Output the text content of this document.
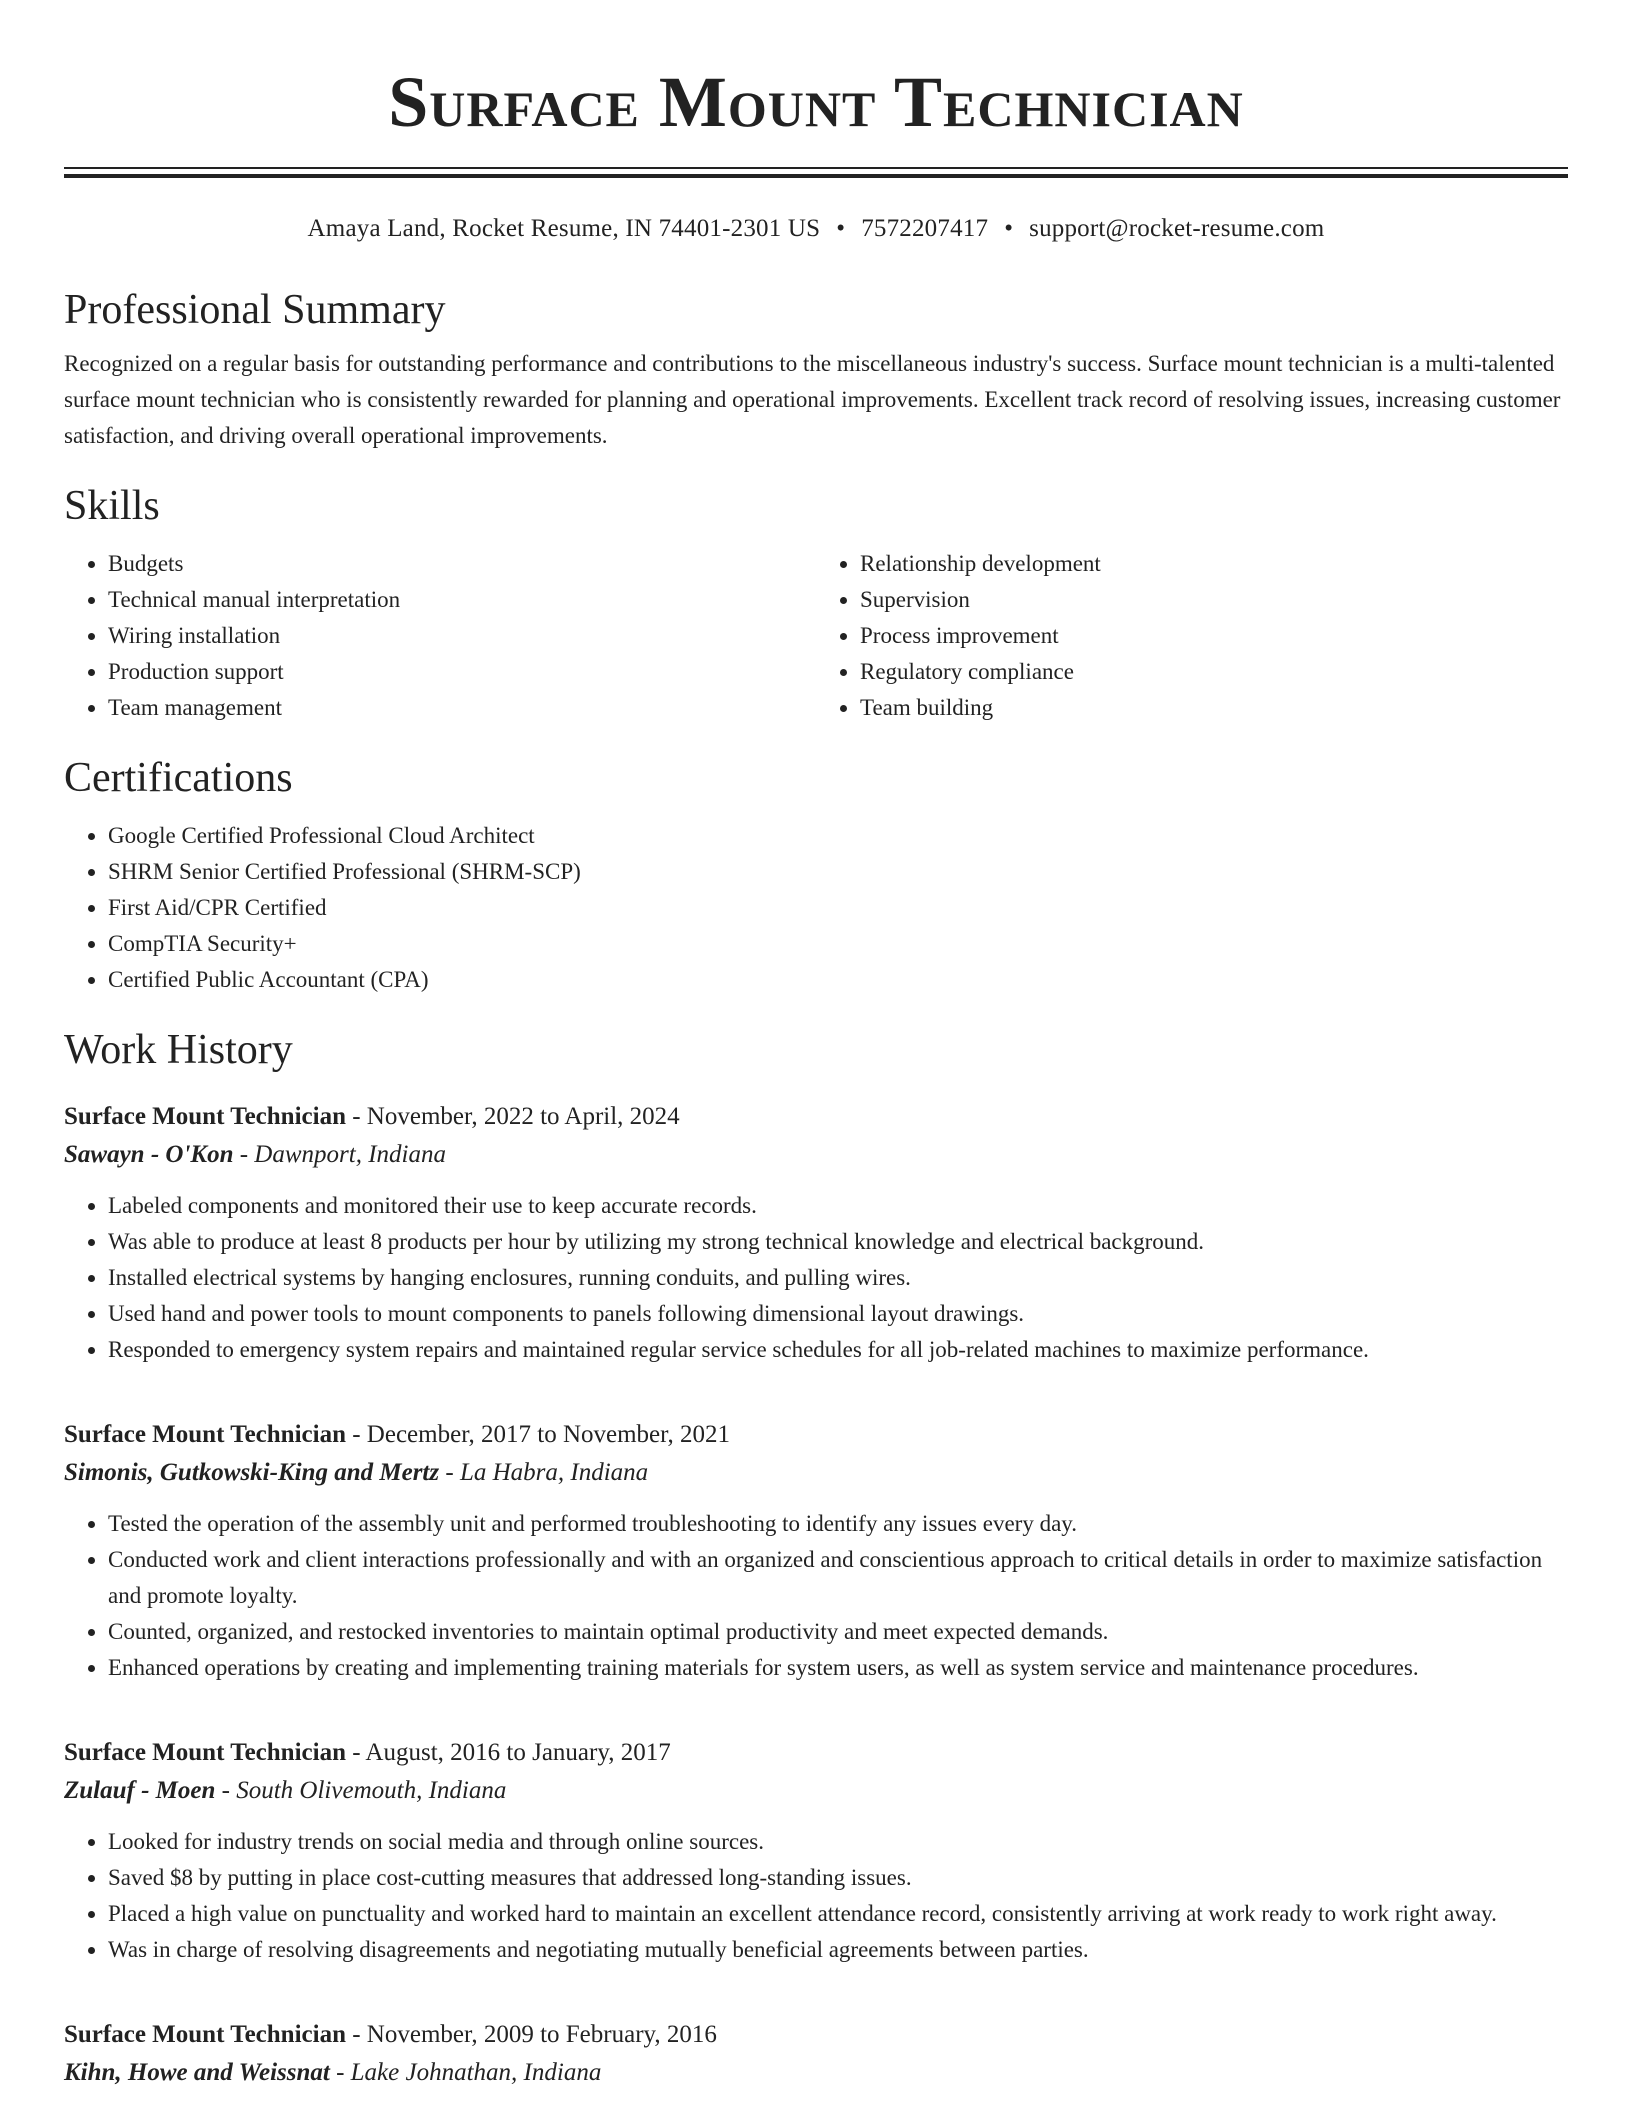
Surface Mount Technician
Amaya Land, Rocket Resume, IN 74401-2301 US • 7572207417 • support@rocket-resume.com
Professional Summary
Recognized on a regular basis for outstanding performance and contributions to the miscellaneous industry's success. Surface mount technician is a multi-talented surface mount technician who is consistently rewarded for planning and operational improvements. Excellent track record of resolving issues, increasing customer satisfaction, and driving overall operational improvements.
Skills
• Budgets
• Technical manual interpretation
• Wiring installation
• Production support
• Team management
• Relationship development
• Supervision
• Process improvement
• Regulatory compliance
• Team building
Certifications
• Google Certified Professional Cloud Architect
• SHRM Senior Certified Professional (SHRM-SCP)
• First Aid/CPR Certified
• CompTIA Security+
• Certified Public Accountant (CPA)
Work History
Surface Mount Technician - November, 2022 to April, 2024
Sawayn - O'Kon - Dawnport, Indiana
• Labeled components and monitored their use to keep accurate records.
• Was able to produce at least 8 products per hour by utilizing my strong technical knowledge and electrical background.
• Installed electrical systems by hanging enclosures, running conduits, and pulling wires.
• Used hand and power tools to mount components to panels following dimensional layout drawings.
• Responded to emergency system repairs and maintained regular service schedules for all job-related machines to maximize performance.
Surface Mount Technician - December, 2017 to November, 2021
Simonis, Gutkowski-King and Mertz - La Habra, Indiana
• Tested the operation of the assembly unit and performed troubleshooting to identify any issues every day.
• Conducted work and client interactions professionally and with an organized and conscientious approach to critical details in order to maximize satisfaction and promote loyalty.
• Counted, organized, and restocked inventories to maintain optimal productivity and meet expected demands.
• Enhanced operations by creating and implementing training materials for system users, as well as system service and maintenance procedures.
Surface Mount Technician - August, 2016 to January, 2017
Zulauf - Moen - South Olivemouth, Indiana
• Looked for industry trends on social media and through online sources.
• Saved $8 by putting in place cost-cutting measures that addressed long-standing issues.
• Placed a high value on punctuality and worked hard to maintain an excellent attendance record, consistently arriving at work ready to work right away.
• Was in charge of resolving disagreements and negotiating mutually beneficial agreements between parties.
Surface Mount Technician - November, 2009 to February, 2016
Kihn, Howe and Weissnat - Lake Johnathan, Indiana
